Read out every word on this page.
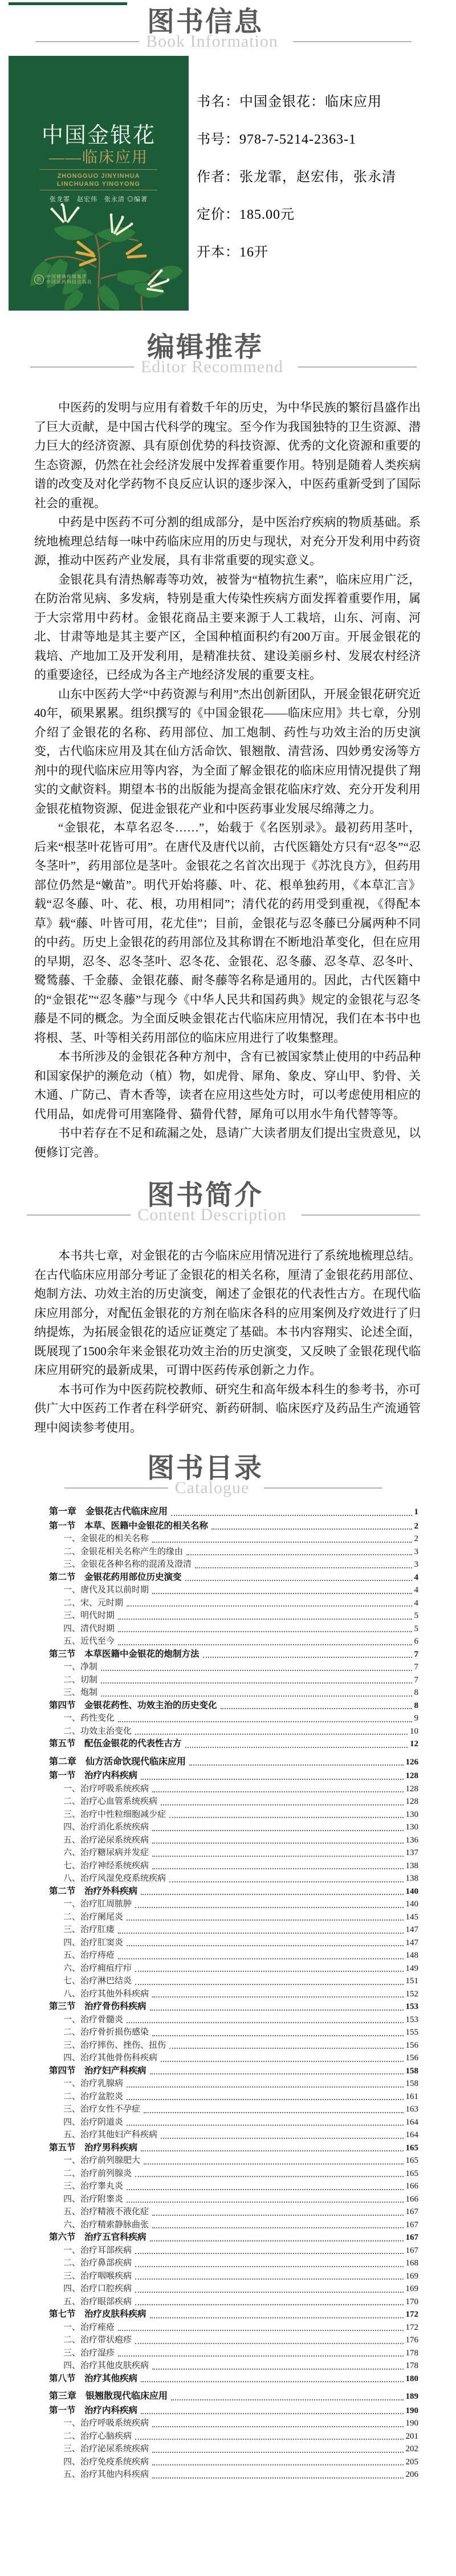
图书信息
Book Information
中国金银花
——临床应用
ZHONGGUO JINYINHUA
LINCHUANG YINGYONG
张龙霏　赵宏伟　张永清 ◎编著
医	中国健康传媒集团
中国医药科技出版社
书名：中国金银花：临床应用
书号：978-7-5214-2363-1
作者：张龙霏，赵宏伟，张永清
定价：185.00元
开本：16开
编辑推荐
Editor Recommend

中医药的发明与应用有着数千年的历史，为中华民族的繁衍昌盛作出了巨大贡献，是中国古代科学的瑰宝。至今作为我国独特的卫生资源、潜力巨大的经济资源、具有原创优势的科技资源、优秀的文化资源和重要的生态资源，仍然在社会经济发展中发挥着重要作用。特别是随着人类疾病谱的改变及对化学药物不良反应认识的逐步深入，中医药重新受到了国际社会的重视。

中药是中医药不可分割的组成部分，是中医治疗疾病的物质基础。系统地梳理总结每一味中药临床应用的历史与现状，对充分开发利用中药资源，推动中医药产业发展，具有非常重要的现实意义。

金银花具有清热解毒等功效，被誉为“植物抗生素”，临床应用广泛，在防治常见病、多发病，特别是重大传染性疾病方面发挥着重要作用，属于大宗常用中药材。金银花商品主要来源于人工栽培，山东、河南、河北、甘肃等地是其主要产区，全国种植面积约有200万亩。开展金银花的栽培、产地加工及开发利用，是精准扶贫、建设美丽乡村、发展农村经济的重要途径，已经成为各主产地经济发展的重要支柱。

山东中医药大学“中药资源与利用”杰出创新团队，开展金银花研究近40年，硕果累累。组织撰写的《中国金银花——临床应用》共七章，分别介绍了金银花的名称、药用部位、加工炮制、药性与功效主治的历史演变，古代临床应用及其在仙方活命饮、银翘散、清营汤、四妙勇安汤等方剂中的现代临床应用等内容，为全面了解金银花的临床应用情况提供了翔实的文献资料。期望本书的出版能为提高金银花临床疗效、充分开发利用金银花植物资源、促进金银花产业和中医药事业发展尽绵薄之力。

“金银花，本草名忍冬……”，始载于《名医别录》。最初药用茎叶，后来“根茎叶花皆可用”。在唐代及唐代以前，古代医籍处方只有“忍冬”“忍冬茎叶”，药用部位是茎叶。金银花之名首次出现于《苏沈良方》，但药用部位仍然是“嫩苗”。明代开始将藤、叶、花、根单独药用，《本草汇言》载“忍冬藤、叶、花、根，功用相同”；清代花的药用受到重视，《得配本草》载“藤、叶皆可用，花尤佳”；目前，金银花与忍冬藤已分属两种不同的中药。历史上金银花的药用部位及其称谓在不断地沿革变化，但在应用的早期，忍冬、忍冬茎叶、忍冬花、金银花、忍冬藤、忍冬草、忍冬叶、鹭鸶藤、千金藤、金银花藤、耐冬藤等名称是通用的。因此，古代医籍中的“金银花”“忍冬藤”与现今《中华人民共和国药典》规定的金银花与忍冬藤是不同的概念。为全面反映金银花古代临床应用情况，我们在本书中也将根、茎、叶等相关药用部位的临床应用进行了收集整理。

本书所涉及的金银花各种方剂中，含有已被国家禁止使用的中药品种和国家保护的濒危动（植）物，如虎骨、犀角、象皮、穿山甲、豹骨、关木通、广防己、青木香等，读者在应用这些处方时，可以考虑使用相应的代用品，如虎骨可用塞隆骨、猫骨代替，犀角可以用水牛角代替等等。

书中若存在不足和疏漏之处，恳请广大读者朋友们提出宝贵意见，以便修订完善。

图书简介
Content Description

本书共七章，对金银花的古今临床应用情况进行了系统地梳理总结。在古代临床应用部分考证了金银花的相关名称，厘清了金银花药用部位、炮制方法、功效主治的历史演变，阐述了金银花的代表性古方。在现代临床应用部分，对配伍金银花的方剂在临床各科的应用案例及疗效进行了归纳提炼，为拓展金银花的适应证奠定了基础。本书内容翔实、论述全面，既展现了1500余年来金银花功效主治的历史演变，又反映了金银花现代临床应用研究的最新成果，可谓中医药传承创新之力作。

本书可作为中医药院校教师、研究生和高年级本科生的参考书，亦可供广大中医药工作者在科学研究、新药研制、临床医疗及药品生产流通管理中阅读参考使用。

图书目录
Catalogue
第一章　金银花古代临床应用	1
第一节　本草、医籍中金银花的相关名称	2
一、金银花的相关名称	2
二、金银花相关名称产生的缘由	3
三、金银花各种名称的混淆及澄清	3
第二节　金银花药用部位历史演变	4
一、唐代及其以前时期	4
二、宋、元时期	4
三、明代时期	5
四、清代时期	5
五、近代至今	6
第三节　本草医籍中金银花的炮制方法	7
一、净制	7
二、切制	7
三、炮制	8
第四节　金银花药性、功效主治的历史变化	8
一、药性变化	9
二、功效主治变化	10
第五节　配伍金银花的代表性古方	12
第二章　仙方活命饮现代临床应用	126
第一节　治疗内科疾病	128
一、治疗呼吸系统疾病	128
二、治疗心血管系统疾病	128
三、治疗中性粒细胞减少症	130
四、治疗消化系统疾病	130
五、治疗泌尿系统疾病	136
六、治疗糖尿病并发症	137
七、治疗神经系统疾病	138
八、治疗风湿免疫系统疾病	138
第二节　治疗外科疾病	140
一、治疗肛周脓肿	140
二、治疗阑尾炎	145
三、治疗肛瘘	147
四、治疗肛窦炎	147
五、治疗痔疮	148
六、治疗痈疽疔疖	149
七、治疗淋巴结炎	151
八、治疗其他外科疾病	152
第三节　治疗骨伤科疾病	153
一、治疗骨髓炎	153
二、治疗骨折损伤感染	155
三、治疗摔伤、挫伤、扭伤	156
四、治疗其他骨伤科疾病	156
第四节　治疗妇产科疾病	158
一、治疗乳腺病	158
二、治疗盆腔炎	161
三、治疗女性不孕症	163
四、治疗阴道炎	164
五、治疗其他妇产科疾病	164
第五节　治疗男科疾病	165
一、治疗前列腺肥大	165
二、治疗前列腺炎	165
三、治疗睾丸炎	166
四、治疗附睾炎	166
五、治疗精液不液化症	167
六、治疗精索静脉曲张	167
第六节　治疗五官科疾病	167
一、治疗耳部疾病	167
二、治疗鼻部疾病	168
三、治疗咽喉疾病	169
四、治疗口腔疾病	169
五、治疗眼部疾病	170
第七节　治疗皮肤科疾病	172
一、治疗痤疮	172
二、治疗带状疱疹	176
三、治疗湿疹	178
四、治疗其他皮肤疾病	178
第八节　治疗其他疾病	180
第三章　银翘散现代临床应用	189
第一节　治疗内科疾病	190
一、治疗呼吸系统疾病	190
二、治疗心脑疾病	201
三、治疗泌尿系统疾病	202
四、治疗免疫系统疾病	205
五、治疗其他内科疾病	206
